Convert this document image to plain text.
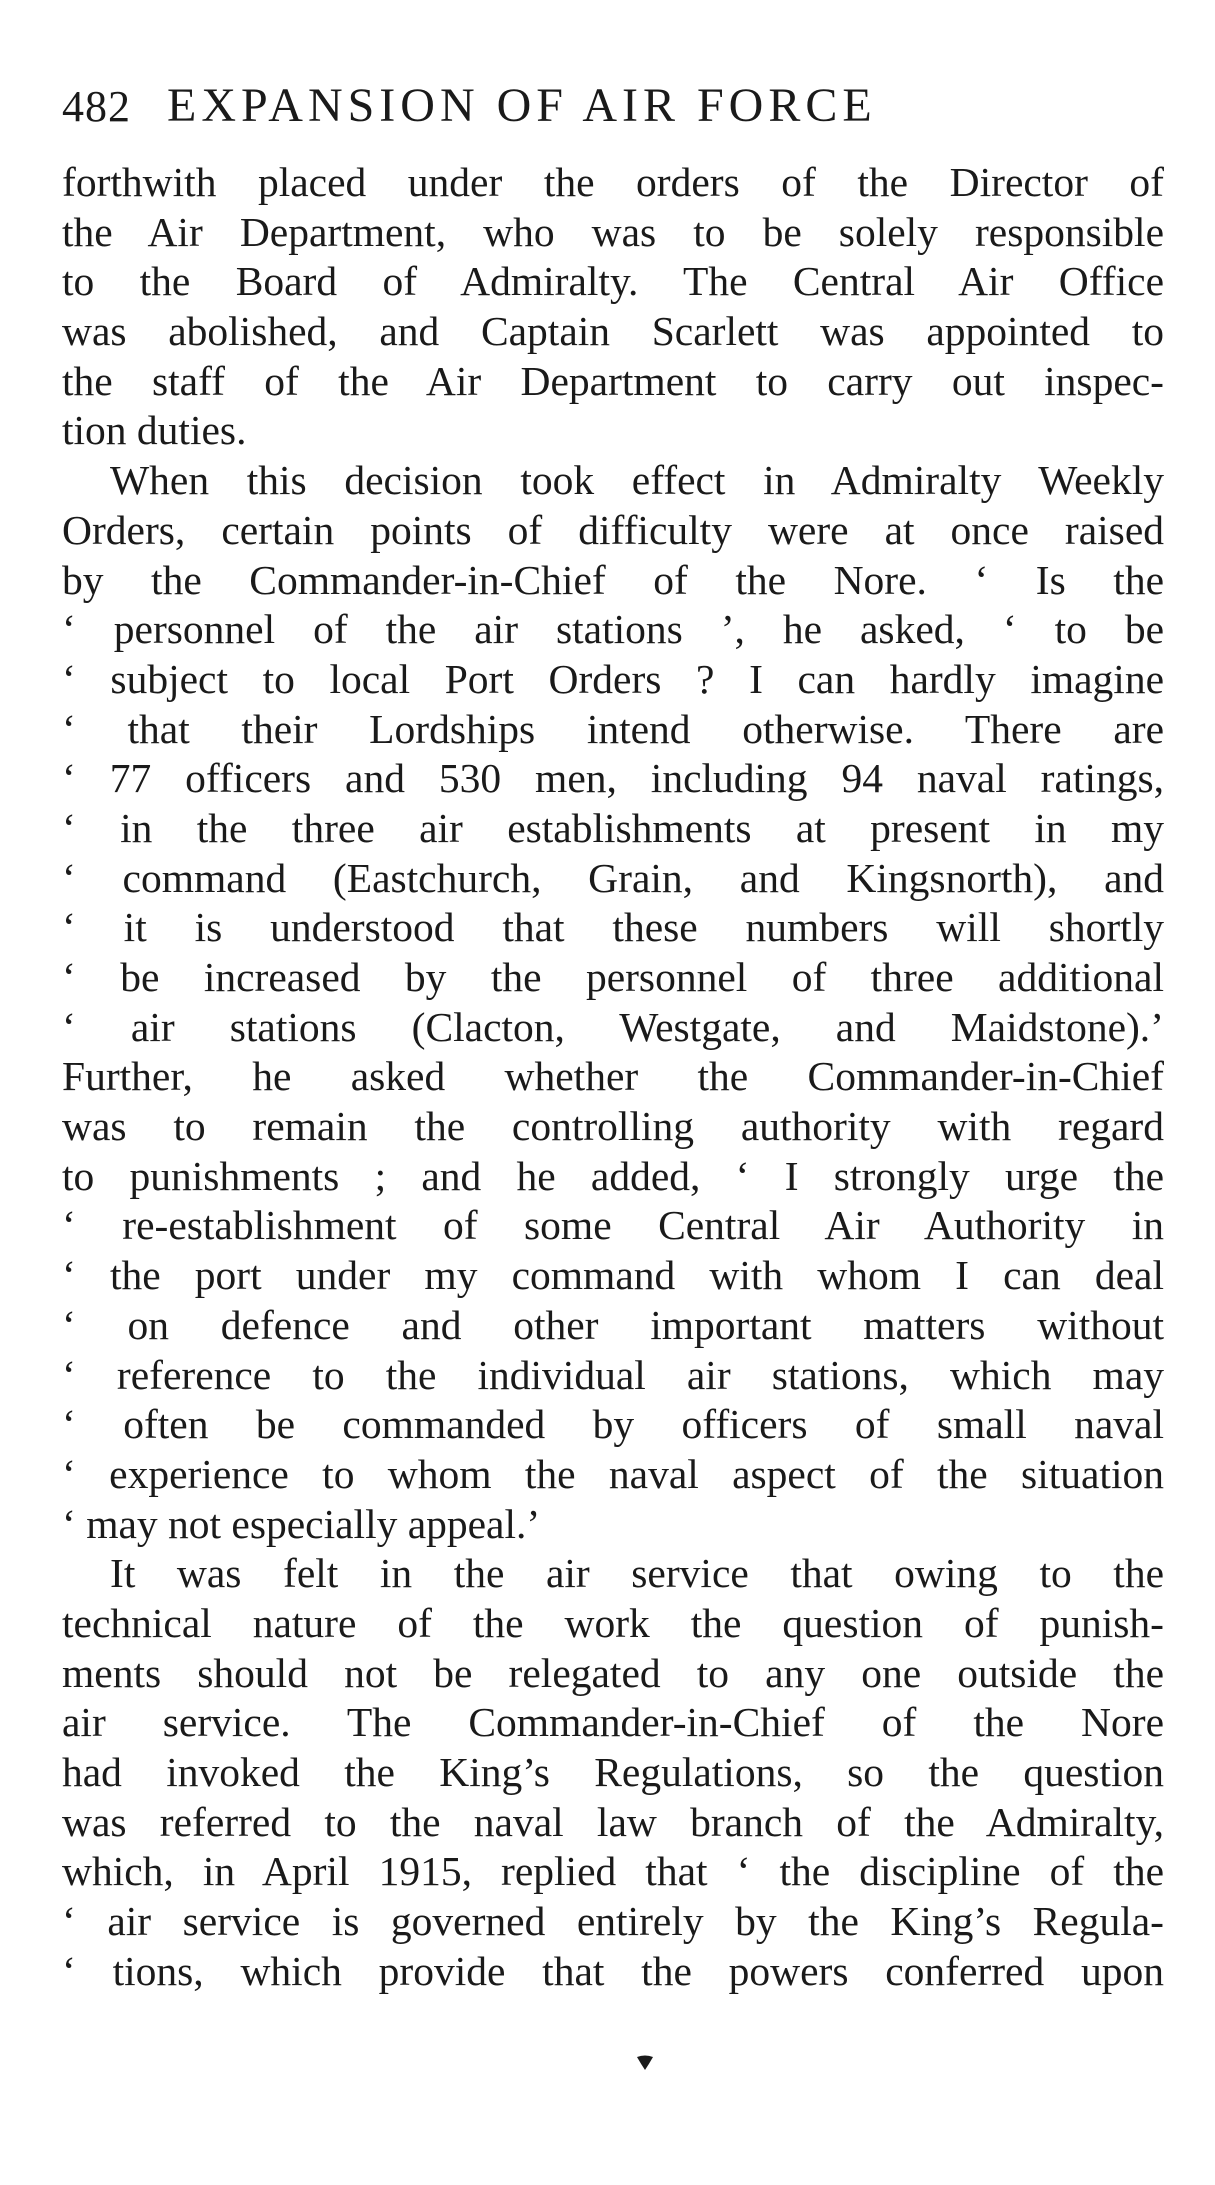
482 EXPANSION OF AIR FORCE
forthwith placed under the orders of the Director of
the Air Department, who was to be solely responsible
to the Board of Admiralty. The Central Air Office
was abolished, and Captain Scarlett was appointed to
the staff of the Air Department to carry out inspec-
tion duties.
When this decision took effect in Admiralty Weekly
Orders, certain points of difficulty were at once raised
by the Commander-in-Chief of the Nore. ‘ Is the
‘ personnel of the air stations ’, he asked, ‘ to be
‘ subject to local Port Orders ? I can hardly imagine
‘ that their Lordships intend otherwise. There are
‘ 77 officers and 530 men, including 94 naval ratings,
‘ in the three air establishments at present in my
‘ command (Eastchurch, Grain, and Kingsnorth), and
‘ it is understood that these numbers will shortly
‘ be increased by the personnel of three additional
‘ air stations (Clacton, Westgate, and Maidstone).’
Further, he asked whether the Commander-in-Chief
was to remain the controlling authority with regard
to punishments ; and he added, ‘ I strongly urge the
‘ re-establishment of some Central Air Authority in
‘ the port under my command with whom I can deal
‘ on defence and other important matters without
‘ reference to the individual air stations, which may
‘ often be commanded by officers of small naval
‘ experience to whom the naval aspect of the situation
‘ may not especially appeal.’
It was felt in the air service that owing to the
technical nature of the work the question of punish-
ments should not be relegated to any one outside the
air service. The Commander-in-Chief of the Nore
had invoked the King’s Regulations, so the question
was referred to the naval law branch of the Admiralty,
which, in April 1915, replied that ‘ the discipline of the
‘ air service is governed entirely by the King’s Regula-
‘ tions, which provide that the powers conferred upon
